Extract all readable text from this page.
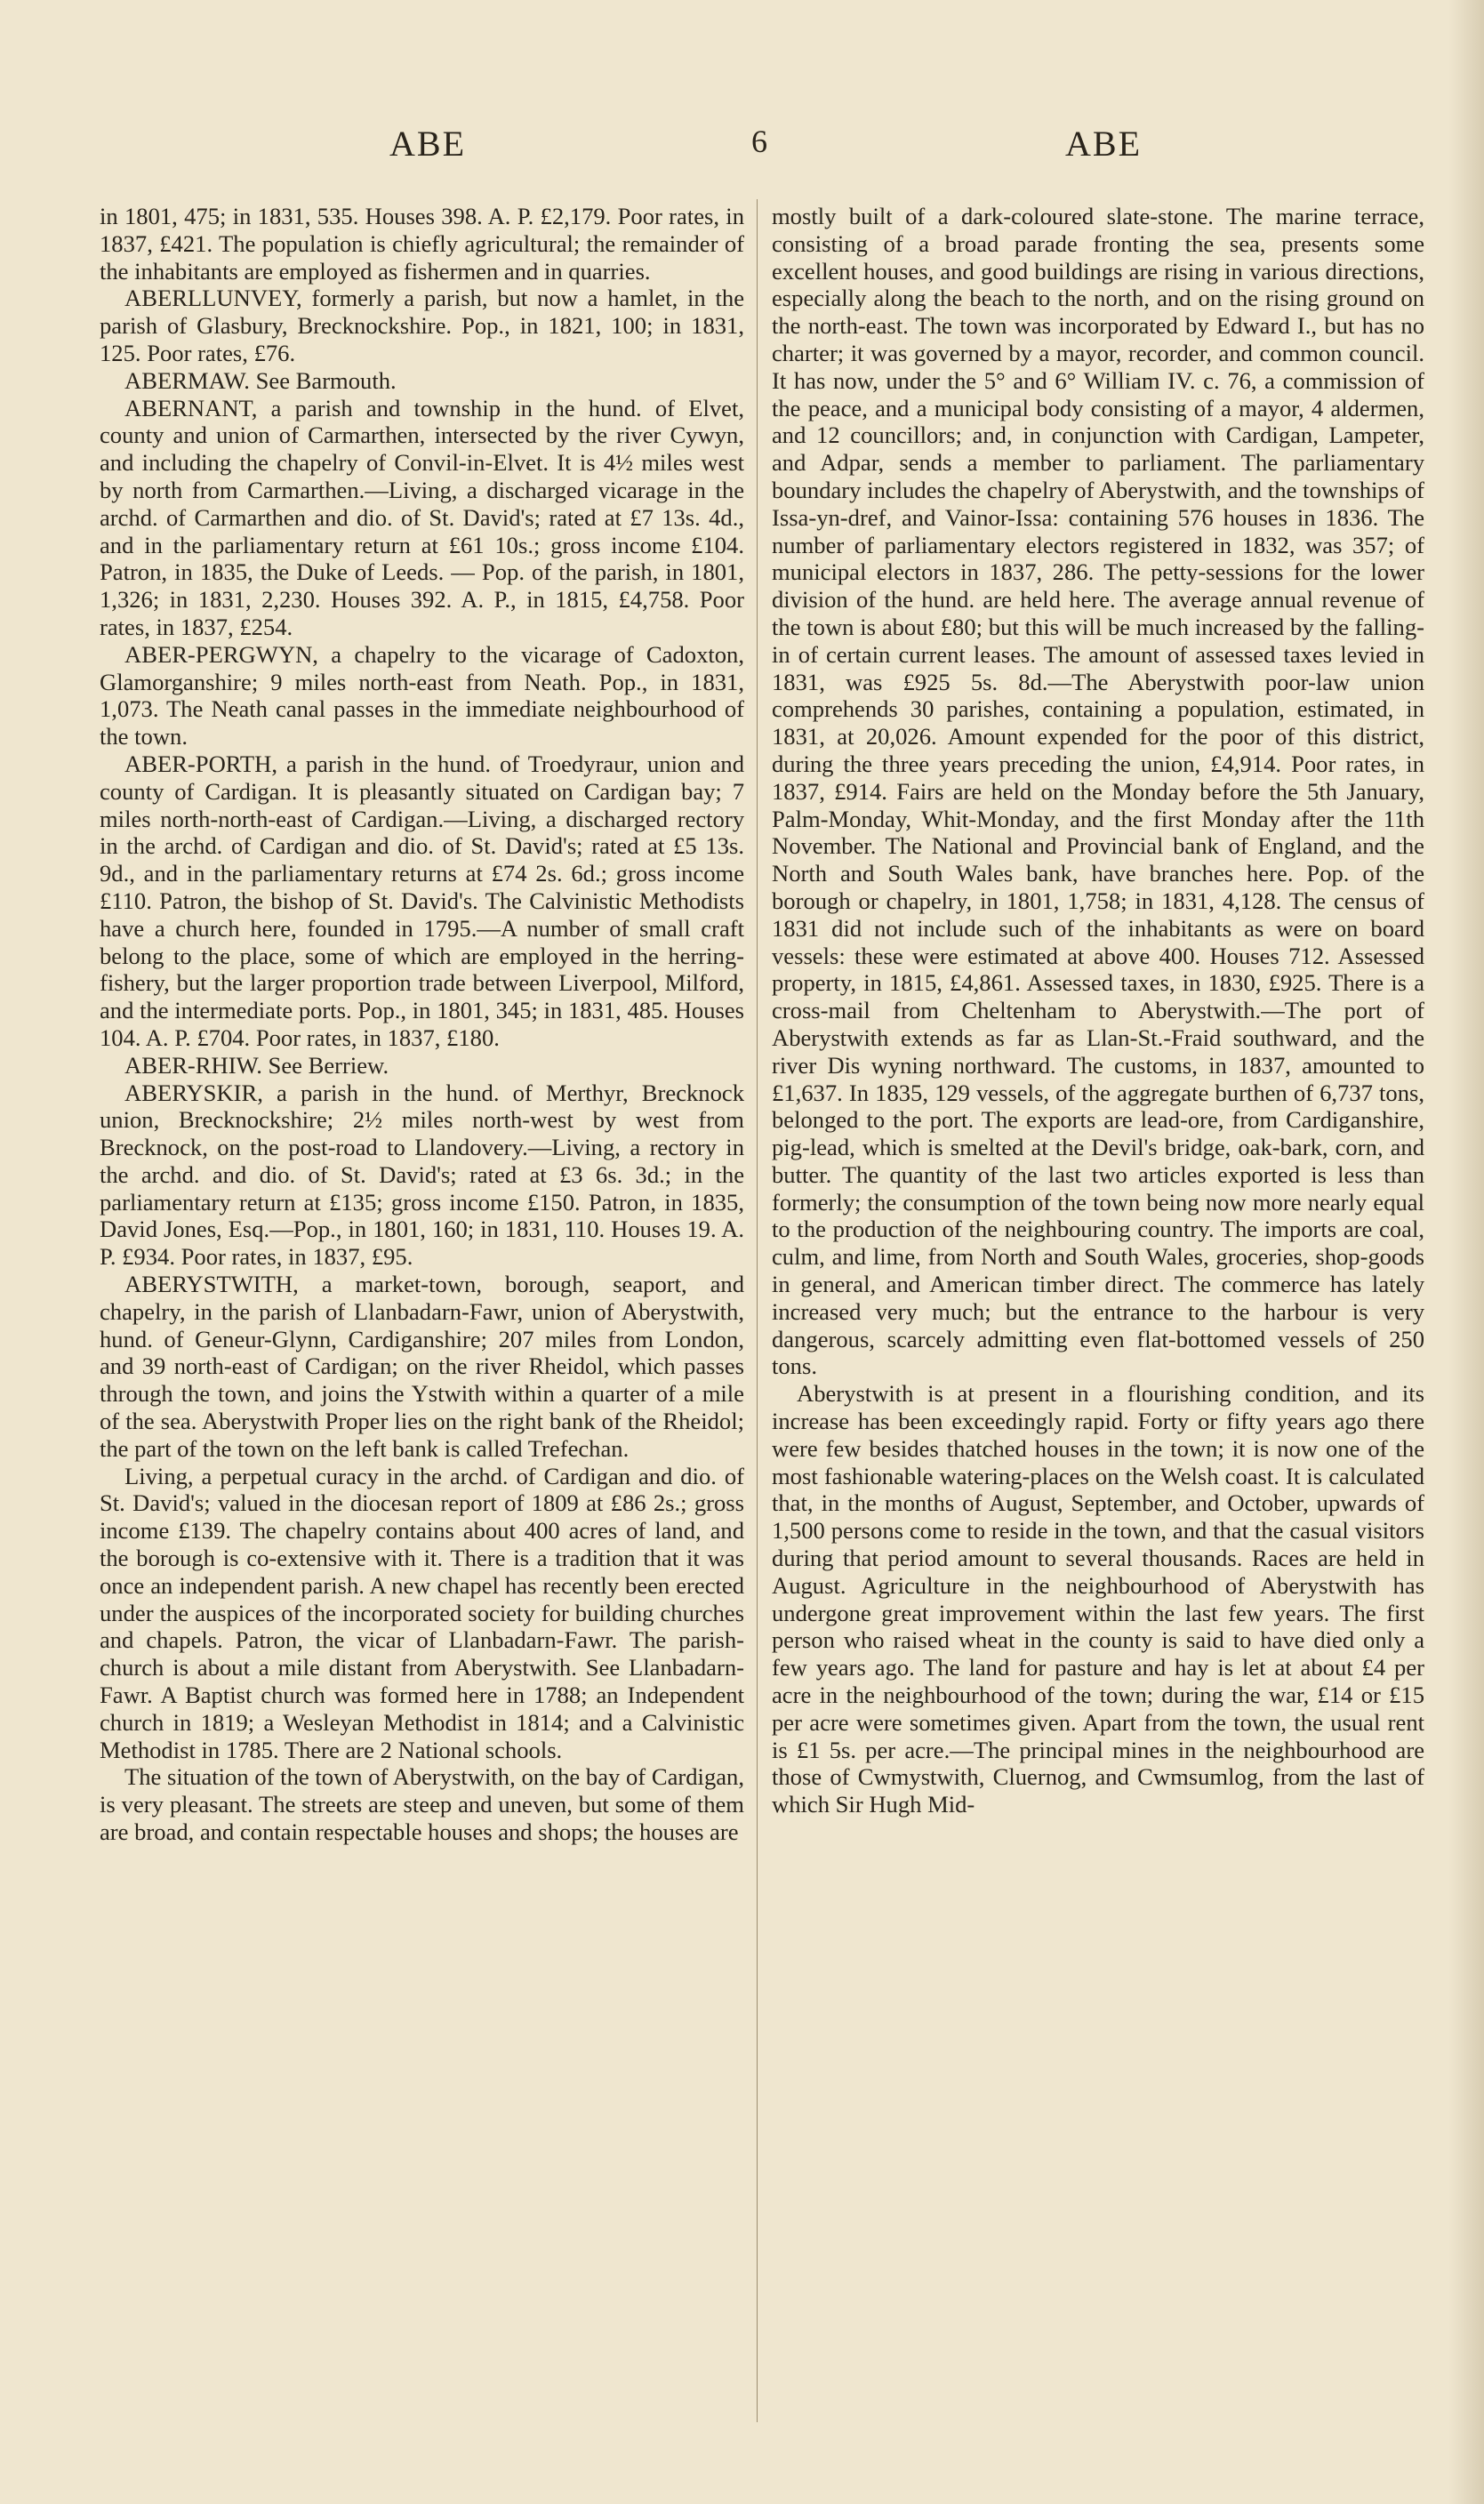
ABE	6	ABE

in 1801, 475; in 1831, 535. Houses 398. A. P. £2,179. Poor rates, in 1837, £421. The population is chiefly agricultural; the remainder of the inhabitants are employed as fishermen and in quarries.

ABERLLUNVEY, formerly a parish, but now a hamlet, in the parish of Glasbury, Brecknockshire. Pop., in 1821, 100; in 1831, 125. Poor rates, £76.

ABERMAW. See Barmouth.

ABERNANT, a parish and township in the hund. of Elvet, county and union of Carmarthen, intersected by the river Cywyn, and including the chapelry of Convil-in-Elvet. It is 4½ miles west by north from Carmarthen.—Living, a discharged vicarage in the archd. of Carmarthen and dio. of St. David's; rated at £7 13s. 4d., and in the parliamentary return at £61 10s.; gross income £104. Patron, in 1835, the Duke of Leeds. — Pop. of the parish, in 1801, 1,326; in 1831, 2,230. Houses 392. A. P., in 1815, £4,758. Poor rates, in 1837, £254.

ABER-PERGWYN, a chapelry to the vicarage of Cadoxton, Glamorganshire; 9 miles north-east from Neath. Pop., in 1831, 1,073. The Neath canal passes in the immediate neighbourhood of the town.

ABER-PORTH, a parish in the hund. of Troedyraur, union and county of Cardigan. It is pleasantly situated on Cardigan bay; 7 miles north-north-east of Cardigan.—Living, a discharged rectory in the archd. of Cardigan and dio. of St. David's; rated at £5 13s. 9d., and in the parliamentary returns at £74 2s. 6d.; gross income £110. Patron, the bishop of St. David's. The Calvinistic Methodists have a church here, founded in 1795.—A number of small craft belong to the place, some of which are employed in the herring-fishery, but the larger proportion trade between Liverpool, Milford, and the intermediate ports. Pop., in 1801, 345; in 1831, 485. Houses 104. A. P. £704. Poor rates, in 1837, £180.

ABER-RHIW. See Berriew.

ABERYSKIR, a parish in the hund. of Merthyr, Brecknock union, Brecknockshire; 2½ miles north-west by west from Brecknock, on the post-road to Llandovery.—Living, a rectory in the archd. and dio. of St. David's; rated at £3 6s. 3d.; in the parliamentary return at £135; gross income £150. Patron, in 1835, David Jones, Esq.—Pop., in 1801, 160; in 1831, 110. Houses 19. A. P. £934. Poor rates, in 1837, £95.

ABERYSTWITH, a market-town, borough, seaport, and chapelry, in the parish of Llanbadarn-Fawr, union of Aberystwith, hund. of Geneur-Glynn, Cardiganshire; 207 miles from London, and 39 north-east of Cardigan; on the river Rheidol, which passes through the town, and joins the Ystwith within a quarter of a mile of the sea. Aberystwith Proper lies on the right bank of the Rheidol; the part of the town on the left bank is called Trefechan.

Living, a perpetual curacy in the archd. of Cardigan and dio. of St. David's; valued in the diocesan report of 1809 at £86 2s.; gross income £139. The chapelry contains about 400 acres of land, and the borough is co-extensive with it. There is a tradition that it was once an independent parish. A new chapel has recently been erected under the auspices of the incorporated society for building churches and chapels. Patron, the vicar of Llanbadarn-Fawr. The parish-church is about a mile distant from Aberystwith. See Llanbadarn-Fawr. A Baptist church was formed here in 1788; an Independent church in 1819; a Wesleyan Methodist in 1814; and a Calvinistic Methodist in 1785. There are 2 National schools.

The situation of the town of Aberystwith, on the bay of Cardigan, is very pleasant. The streets are steep and uneven, but some of them are broad, and contain respectable houses and shops; the houses are

mostly built of a dark-coloured slate-stone. The marine terrace, consisting of a broad parade fronting the sea, presents some excellent houses, and good buildings are rising in various directions, especially along the beach to the north, and on the rising ground on the north-east. The town was incorporated by Edward I., but has no charter; it was governed by a mayor, recorder, and common council. It has now, under the 5° and 6° William IV. c. 76, a commission of the peace, and a municipal body consisting of a mayor, 4 aldermen, and 12 councillors; and, in conjunction with Cardigan, Lampeter, and Adpar, sends a member to parliament. The parliamentary boundary includes the chapelry of Aberystwith, and the townships of Issa-yn-dref, and Vainor-Issa: containing 576 houses in 1836. The number of parliamentary electors registered in 1832, was 357; of municipal electors in 1837, 286. The petty-sessions for the lower division of the hund. are held here. The average annual revenue of the town is about £80; but this will be much increased by the falling-in of certain current leases. The amount of assessed taxes levied in 1831, was £925 5s. 8d.—The Aberystwith poor-law union comprehends 30 parishes, containing a population, estimated, in 1831, at 20,026. Amount expended for the poor of this district, during the three years preceding the union, £4,914. Poor rates, in 1837, £914. Fairs are held on the Monday before the 5th January, Palm-Monday, Whit-Monday, and the first Monday after the 11th November. The National and Provincial bank of England, and the North and South Wales bank, have branches here. Pop. of the borough or chapelry, in 1801, 1,758; in 1831, 4,128. The census of 1831 did not include such of the inhabitants as were on board vessels: these were estimated at above 400. Houses 712. Assessed property, in 1815, £4,861. Assessed taxes, in 1830, £925. There is a cross-mail from Cheltenham to Aberystwith.—The port of Aberystwith extends as far as Llan-St.-Fraid southward, and the river Dis wyning northward. The customs, in 1837, amounted to £1,637. In 1835, 129 vessels, of the aggregate burthen of 6,737 tons, belonged to the port. The exports are lead-ore, from Cardiganshire, pig-lead, which is smelted at the Devil's bridge, oak-bark, corn, and butter. The quantity of the last two articles exported is less than formerly; the consumption of the town being now more nearly equal to the production of the neighbouring country. The imports are coal, culm, and lime, from North and South Wales, groceries, shop-goods in general, and American timber direct. The commerce has lately increased very much; but the entrance to the harbour is very dangerous, scarcely admitting even flat-bottomed vessels of 250 tons.

Aberystwith is at present in a flourishing condition, and its increase has been exceedingly rapid. Forty or fifty years ago there were few besides thatched houses in the town; it is now one of the most fashionable watering-places on the Welsh coast. It is calculated that, in the months of August, September, and October, upwards of 1,500 persons come to reside in the town, and that the casual visitors during that period amount to several thousands. Races are held in August. Agriculture in the neighbourhood of Aberystwith has undergone great improvement within the last few years. The first person who raised wheat in the county is said to have died only a few years ago. The land for pasture and hay is let at about £4 per acre in the neighbourhood of the town; during the war, £14 or £15 per acre were sometimes given. Apart from the town, the usual rent is £1 5s. per acre.—The principal mines in the neighbourhood are those of Cwmystwith, Cluernog, and Cwmsumlog, from the last of which Sir Hugh Mid-
